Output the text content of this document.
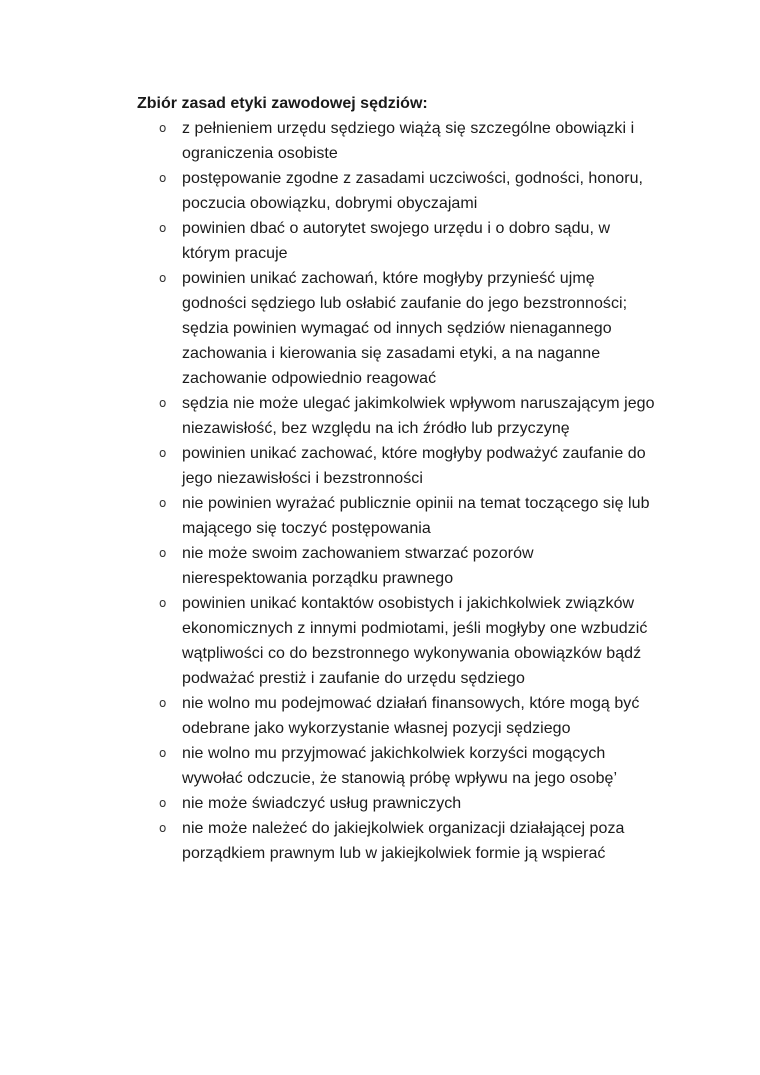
Zbiór zasad etyki zawodowej sędziów:
o z pełnieniem urzędu sędziego wiążą się szczególne obowiązki i
ograniczenia osobiste
o postępowanie zgodne z zasadami uczciwości, godności, honoru,
poczucia obowiązku, dobrymi obyczajami
o powinien dbać o autorytet swojego urzędu i o dobro sądu, w
którym pracuje
o powinien unikać zachowań, które mogłyby przynieść ujmę
godności sędziego lub osłabić zaufanie do jego bezstronności;
sędzia powinien wymagać od innych sędziów nienagannego
zachowania i kierowania się zasadami etyki, a na naganne
zachowanie odpowiednio reagować
o sędzia nie może ulegać jakimkolwiek wpływom naruszającym jego
niezawisłość, bez względu na ich źródło lub przyczynę
o powinien unikać zachować, które mogłyby podważyć zaufanie do
jego niezawisłości i bezstronności
o nie powinien wyrażać publicznie opinii na temat toczącego się lub
mającego się toczyć postępowania
o nie może swoim zachowaniem stwarzać pozorów
nierespektowania porządku prawnego
o powinien unikać kontaktów osobistych i jakichkolwiek związków
ekonomicznych z innymi podmiotami, jeśli mogłyby one wzbudzić
wątpliwości co do bezstronnego wykonywania obowiązków bądź
podważać prestiż i zaufanie do urzędu sędziego
o nie wolno mu podejmować działań finansowych, które mogą być
odebrane jako wykorzystanie własnej pozycji sędziego
o nie wolno mu przyjmować jakichkolwiek korzyści mogących
wywołać odczucie, że stanowią próbę wpływu na jego osobę’
o nie może świadczyć usług prawniczych
o nie może należeć do jakiejkolwiek organizacji działającej poza
porządkiem prawnym lub w jakiejkolwiek formie ją wspierać
